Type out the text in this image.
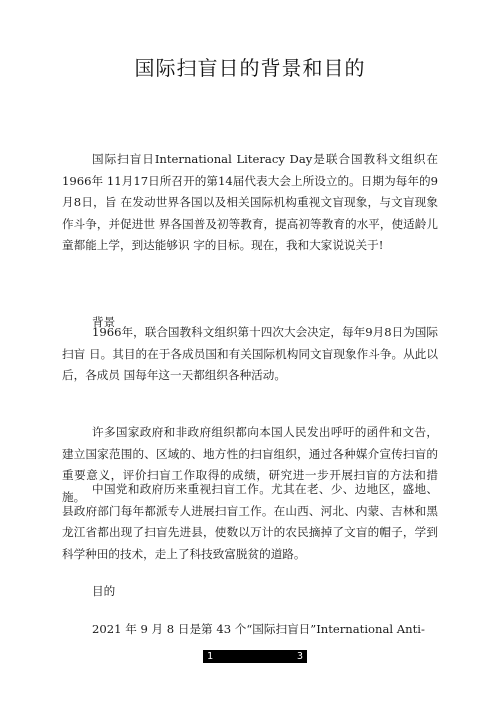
国际扫盲日的背景和目的

国际扫盲日International Literacy Day是联合国教科文组织在1966年 11月17日所召开的第14届代表大会上所设立的。日期为每年的9月8日，旨 在发动世界各国以及相关国际机构重视文盲现象，与文盲现象作斗争，并促进世 界各国普及初等教育，提高初等教育的水平，使适龄儿童都能上学，到达能够识 字的目标。现在，我和大家说说关于!

背景

1966年，联合国教科文组织第十四次大会决定，每年9月8日为国际扫盲 日。其目的在于各成员国和有关国际机构同文盲现象作斗争。从此以后，各成员 国每年这一天都组织各种活动。

许多国家政府和非政府组织都向本国人民发出呼吁的函件和文告，建立国家范围的、区域的、地方性的扫盲组织，通过各种媒介宣传扫盲的重要意义，评价扫盲工作取得的成绩，研究进一步开展扫盲的方法和措施。

中国党和政府历来重视扫盲工作。尤其在老、少、边地区，盛地、县政府部门每年都派专人进展扫盲工作。在山西、河北、内蒙、吉林和黑龙江省都出现了扫盲先进县，使数以万计的农民摘掉了文盲的帽子，学到科学种田的技术，走上了科技致富脱贫的道路。

目的

2021 年 9 月 8 日是第 43 个“国际扫盲日”International Anti-

1	3
